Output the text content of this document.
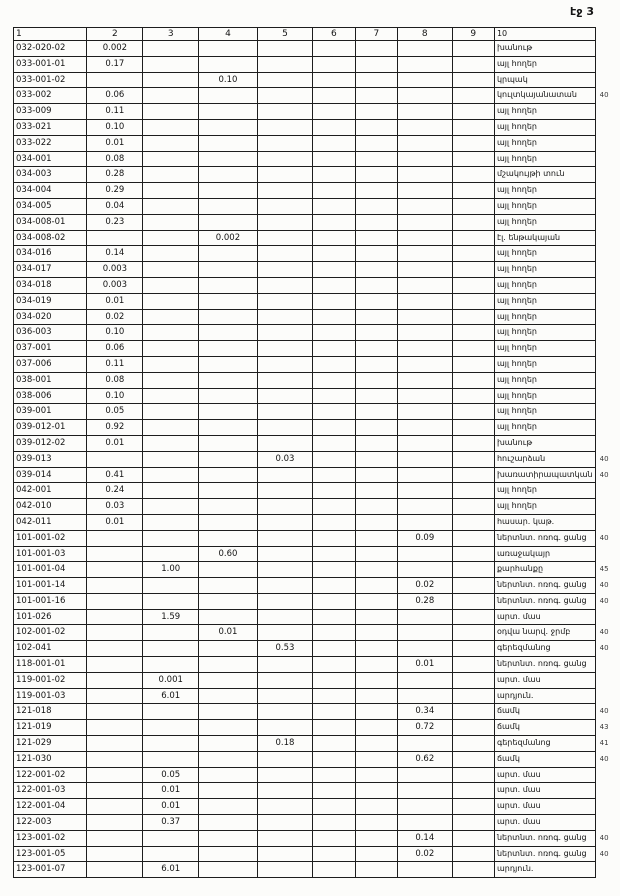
էջ 3
1	2	3	4	5	6	7	8	9	10	
032-020-02	0.002								խանութ	
033-001-01	0.17								այլ հողեր	
033-001-02			0.10						կրպակ	
033-002	0.06								կուլտկայանատան	40
033-009	0.11								այլ հողեր	
033-021	0.10								այլ հողեր	
033-022	0.01								այլ հողեր	
034-001	0.08								այլ հողեր	
034-003	0.28								մշակույթի տուն	
034-004	0.29								այլ հողեր	
034-005	0.04								այլ հողեր	
034-008-01	0.23								այլ հողեր	
034-008-02			0.002						էլ. ենթակայան	
034-016	0.14								այլ հողեր	
034-017	0.003								այլ հողեր	
034-018	0.003								այլ հողեր	
034-019	0.01								այլ հողեր	
034-020	0.02								այլ հողեր	
036-003	0.10								այլ հողեր	
037-001	0.06								այլ հողեր	
037-006	0.11								այլ հողեր	
038-001	0.08								այլ հողեր	
038-006	0.10								այլ հողեր	
039-001	0.05								այլ հողեր	
039-012-01	0.92								այլ հողեր	
039-012-02	0.01								խանութ	
039-013				0.03					հուշարձան	40
039-014	0.41								խառատիրապատկան	40
042-001	0.24								այլ հողեր	
042-010	0.03								այլ հողեր	
042-011	0.01								հասար. կաթ.	
101-001-02							0.09		ներտնտ. ոռոգ. ցանց	40
101-001-03			0.60						առաջակայր	
101-001-04		1.00							քարհանքը	45
101-001-14							0.02		ներտնտ. ոռոգ. ցանց	40
101-001-16							0.28		ներտնտ. ոռոգ. ցանց	40
101-026		1.59							արտ. մաս	
102-001-02			0.01						օդվա նարվ. ջրմբ	40
102-041				0.53					գերեզմանոց	40
118-001-01							0.01		ներտնտ. ոռոգ. ցանց	
119-001-02		0.001							արտ. մաս	
119-001-03		6.01							արդյուն.	
121-018							0.34		ճամկ	40
121-019							0.72		ճամկ	43
121-029				0.18					գերեզմանոց	41
121-030							0.62		ճամկ	40
122-001-02		0.05							արտ. մաս	
122-001-03		0.01							արտ. մաս	
122-001-04		0.01							արտ. մաս	
122-003		0.37							արտ. մաս	
123-001-02							0.14		ներտնտ. ոռոգ. ցանց	40
123-001-05							0.02		ներտնտ. ոռոգ. ցանց	40
123-001-07		6.01							արդյուն.	
